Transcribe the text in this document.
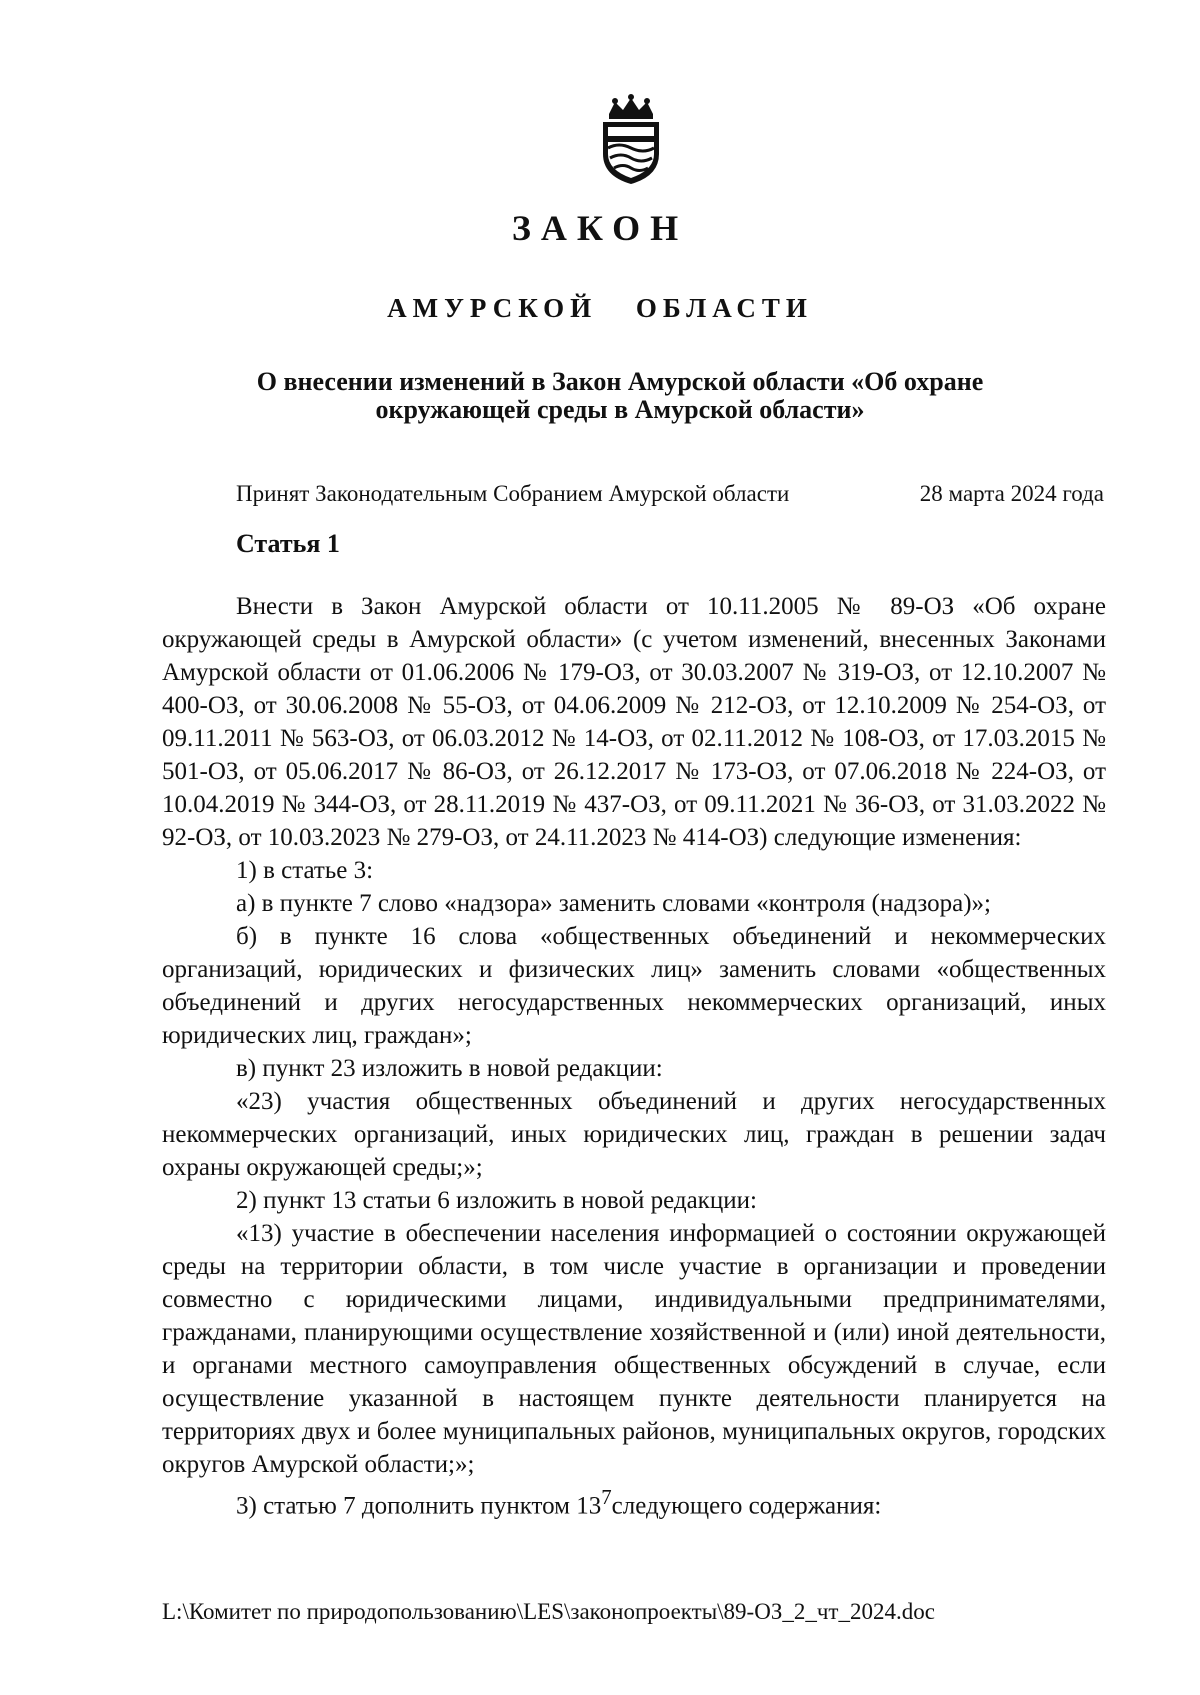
ЗАКОН
АМУРСКОЙ ОБЛАСТИ
О внесении изменений в Закон Амурской области «Об охране
окружающей среды в Амурской области»
Принят Законодательным Собранием Амурской области	28 марта 2024 года
Статья 1

Внести в Закон Амурской области от 10.11.2005 № 89-ОЗ «Об охране окружающей среды в Амурской области» (с учетом изменений, внесенных Законами Амурской области от 01.06.2006 № 179-ОЗ, от 30.03.2007 № 319-ОЗ, от 12.10.2007 № 400-ОЗ, от 30.06.2008 № 55-ОЗ, от 04.06.2009 № 212-ОЗ, от 12.10.2009 № 254-ОЗ, от 09.11.2011 № 563-ОЗ, от 06.03.2012 № 14-ОЗ, от 02.11.2012 № 108-ОЗ, от 17.03.2015 № 501-ОЗ, от 05.06.2017 № 86-ОЗ, от 26.12.2017 № 173-ОЗ, от 07.06.2018 № 224-ОЗ, от 10.04.2019 № 344-ОЗ, от 28.11.2019 № 437-ОЗ, от 09.11.2021 № 36-ОЗ, от 31.03.2022 № 92-ОЗ, от 10.03.2023 № 279-ОЗ, от 24.11.2023 № 414-ОЗ) следующие изменения:

1) в статье 3:

а) в пункте 7 слово «надзора» заменить словами «контроля (надзора)»;

б) в пункте 16 слова «общественных объединений и некоммерческих организаций, юридических и физических лиц» заменить словами «общественных объединений и других негосударственных некоммерческих организаций, иных юридических лиц, граждан»;

в) пункт 23 изложить в новой редакции:

«23) участия общественных объединений и других негосударственных некоммерческих организаций, иных юридических лиц, граждан в решении задач охраны окружающей среды;»;

2) пункт 13 статьи 6 изложить в новой редакции:

«13) участие в обеспечении населения информацией о состоянии окружающей среды на территории области, в том числе участие в организации и проведении совместно с юридическими лицами, индивидуальными предпринимателями, гражданами, планирующими осуществление хозяйственной и (или) иной деятельности, и органами местного самоуправления общественных обсуждений в случае, если осуществление указанной в настоящем пункте деятельности планируется на территориях двух и более муниципальных районов, муниципальных округов, городских округов Амурской области;»;

3) статью 7 дополнить пунктом $13^7следующего$ содержания:

L:\Комитет по природопользованию\LES\законопроекты\89-ОЗ_2_чт_2024.doc
